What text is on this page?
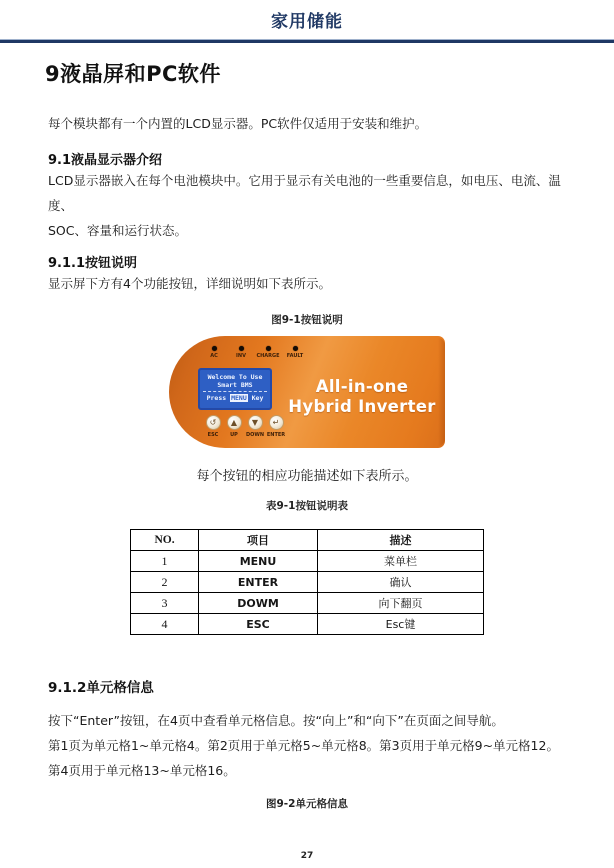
家用储能
9液晶屏和PC软件

每个模块都有一个内置的LCD显示器。PC软件仅适用于安装和维护。

9.1液晶显示器介绍

LCD显示器嵌入在每个电池模块中。它用于显示有关电池的一些重要信息，如电压、电流、温度、

SOC、容量和运行状态。

9.1.1按钮说明

显示屏下方有4个功能按钮，详细说明如下表所示。

图9-1按钮说明
AC	INV CHARGE FAULT
Welcome To Use
Smart BMS
Press MENU Key
All-in-one
Hybrid Inverter
↺
ESC
▲
UP
▼
DOWN
↵
ENTER

每个按钮的相应功能描述如下表所示。

表9-1按钮说明表
NO.	项目	描述
1	MENU	菜单栏
2	ENTER	确认
3	DOWM	向下翻页
4	ESC	Esc键
9.1.2单元格信息

按下“Enter”按钮，在4页中查看单元格信息。按“向上”和“向下”在页面之间导航。

第1页为单元格1~单元格4。第2页用于单元格5~单元格8。第3页用于单元格9~单元格12。

第4页用于单元格13~单元格16。

图9-2单元格信息
27
